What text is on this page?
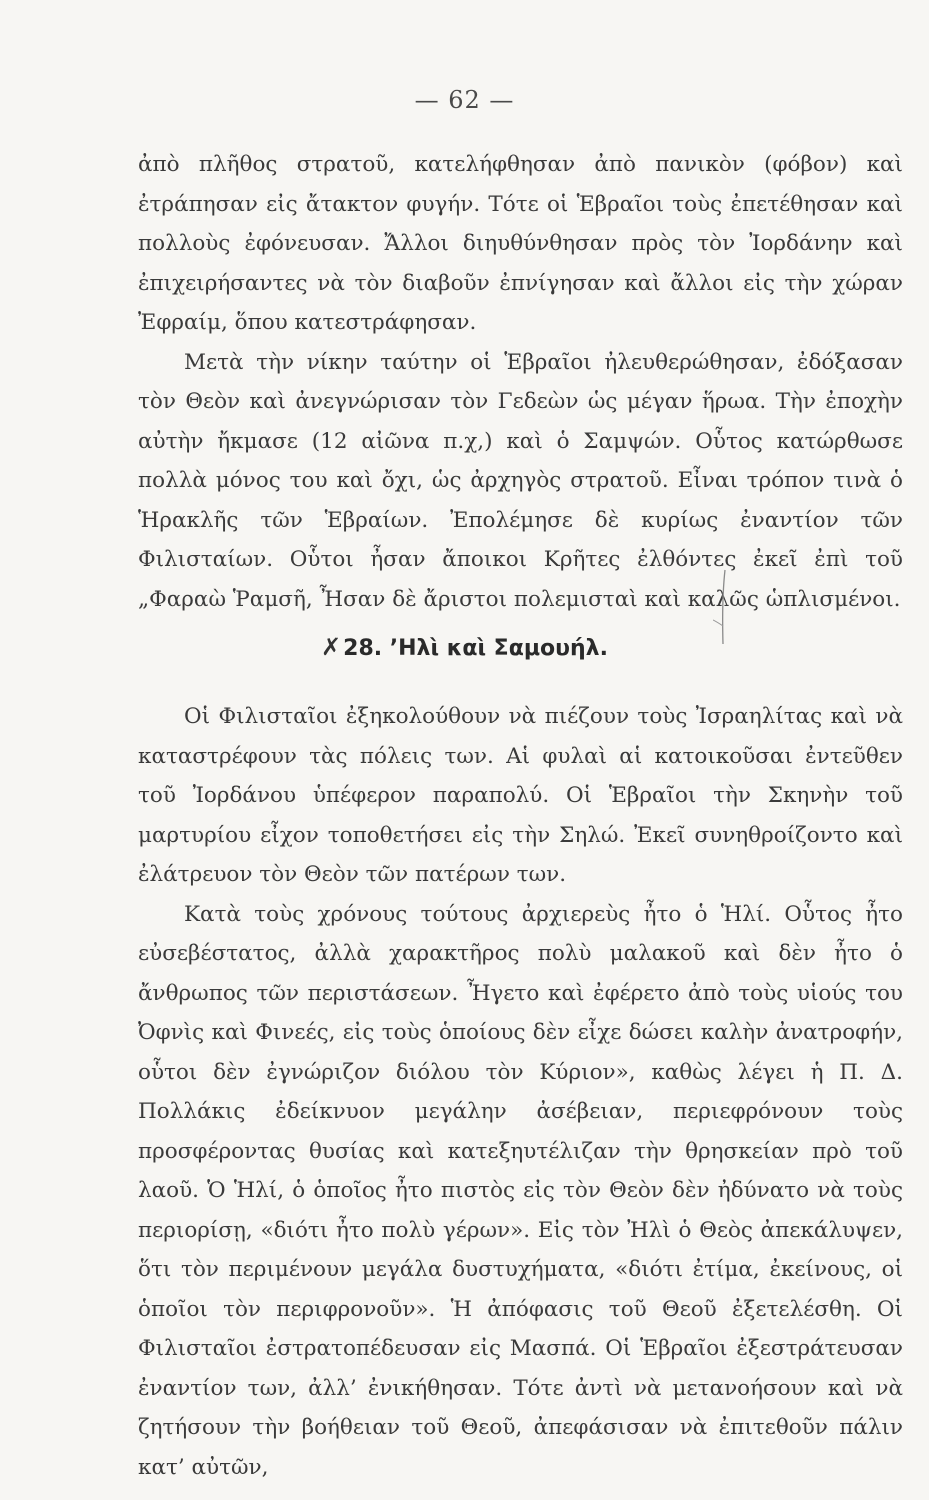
— 62 —

ἀπὸ πλῆθος στρατοῦ, κατελήφθησαν ἀπὸ πανικὸν (φόβον) καὶ ἐτράπησαν εἰς ἄτακτον φυγήν. Τότε οἱ Ἑβραῖοι τοὺς ἐπετέθησαν καὶ πολλοὺς ἐφόνευσαν. Ἄλλοι διηυθύνθησαν πρὸς τὸν Ἰορδάνην καὶ ἐπιχειρήσαντες νὰ τὸν διαβοῦν ἐπνίγησαν καὶ ἄλλοι εἰς τὴν χώραν Ἐφραίμ, ὅπου κατεστράφησαν.

Μετὰ τὴν νίκην ταύτην οἱ Ἑβραῖοι ἠλευθερώθησαν, ἐδόξασαν τὸν Θεὸν καὶ ἀνεγνώρισαν τὸν Γεδεὼν ὡς μέγαν ἥρωα. Τὴν ἐποχὴν αὐτὴν ἤκμασε (12 αἰῶνα π.χ,) καὶ ὁ Σαμψών. Οὗτος κατώρθωσε πολλὰ μόνος του καὶ ὄχι, ὡς ἀρχηγὸς στρατοῦ. Εἶναι τρόπον τινὰ ὁ Ἡρακλῆς τῶν Ἑβραίων. Ἐπολέμησε δὲ κυρίως ἐναντίον τῶν Φιλισταίων. Οὗτοι ἦσαν ἄποικοι Κρῆτες ἐλθόντες ἐκεῖ ἐπὶ τοῦ „Φαραὼ Ῥαμσῆ, Ἦσαν δὲ ἄριστοι πολεμισταὶ καὶ καλῶς ὡπλισμένοι.

✗28. ’Ηλὶ καὶ Σαμουήλ.

Οἱ Φιλισταῖοι ἐξηκολούθουν νὰ πιέζουν τοὺς Ἰσραηλίτας καὶ νὰ καταστρέφουν τὰς πόλεις των. Αἱ φυλαὶ αἱ κατοικοῦσαι ἐντεῦθεν τοῦ Ἰορδάνου ὑπέφερον παραπολύ. Οἱ Ἑβραῖοι τὴν Σκηνὴν τοῦ μαρτυρίου εἶχον τοποθετήσει εἰς τὴν Σηλώ. Ἐκεῖ συνηθροίζοντο καὶ ἐλάτρευον τὸν Θεὸν τῶν πατέρων των.

Κατὰ τοὺς χρόνους τούτους ἀρχιερεὺς ἦτο ὁ Ἡλί. Οὗτος ἦτο εὐσεβέστατος, ἀλλὰ χαρακτῆρος πολὺ μαλακοῦ καὶ δὲν ἦτο ὁ ἄνθρωπος τῶν περιστάσεων. Ἦγετο καὶ ἐφέρετο ἀπὸ τοὺς υἱούς του Ὀφνὶς καὶ Φινεές, εἰς τοὺς ὁποίους δὲν εἶχε δώσει καλὴν ἀνατροφήν, οὗτοι δὲν ἐγνώριζον διόλου τὸν Κύριον», καθὼς λέγει ἡ Π. Δ. Πολλάκις ἐδείκνυον μεγάλην ἀσέβειαν, περιεφρόνουν τοὺς προσφέροντας θυσίας καὶ κατεξηυτέλιζαν τὴν θρησκείαν πρὸ τοῦ λαοῦ. Ὁ Ἡλί, ὁ ὁποῖος ἦτο πιστὸς εἰς τὸν Θεὸν δὲν ἠδύνατο νὰ τοὺς περιορίσῃ, «διότι ἦτο πολὺ γέρων». Εἰς τὸν Ἠλὶ ὁ Θεὸς ἀπεκάλυψεν, ὅτι τὸν περιμένουν μεγάλα δυστυχήματα, «διότι ἐτίμα, ἐκείνους, οἱ ὁποῖοι τὸν περιφρονοῦν». Ἡ ἀπόφασις τοῦ Θεοῦ ἐξετελέσθη. Οἱ Φιλισταῖοι ἐστρατοπέδευσαν εἰς Μασπά. Οἱ Ἑβραῖοι ἐξεστράτευσαν ἐναντίον των, ἀλλ’ ἐνικήθησαν. Τότε ἀντὶ νὰ μετανοήσουν καὶ νὰ ζητήσουν τὴν βοήθειαν τοῦ Θεοῦ, ἀπεφάσισαν νὰ ἐπιτεθοῦν πάλιν κατ’ αὐτῶν,
